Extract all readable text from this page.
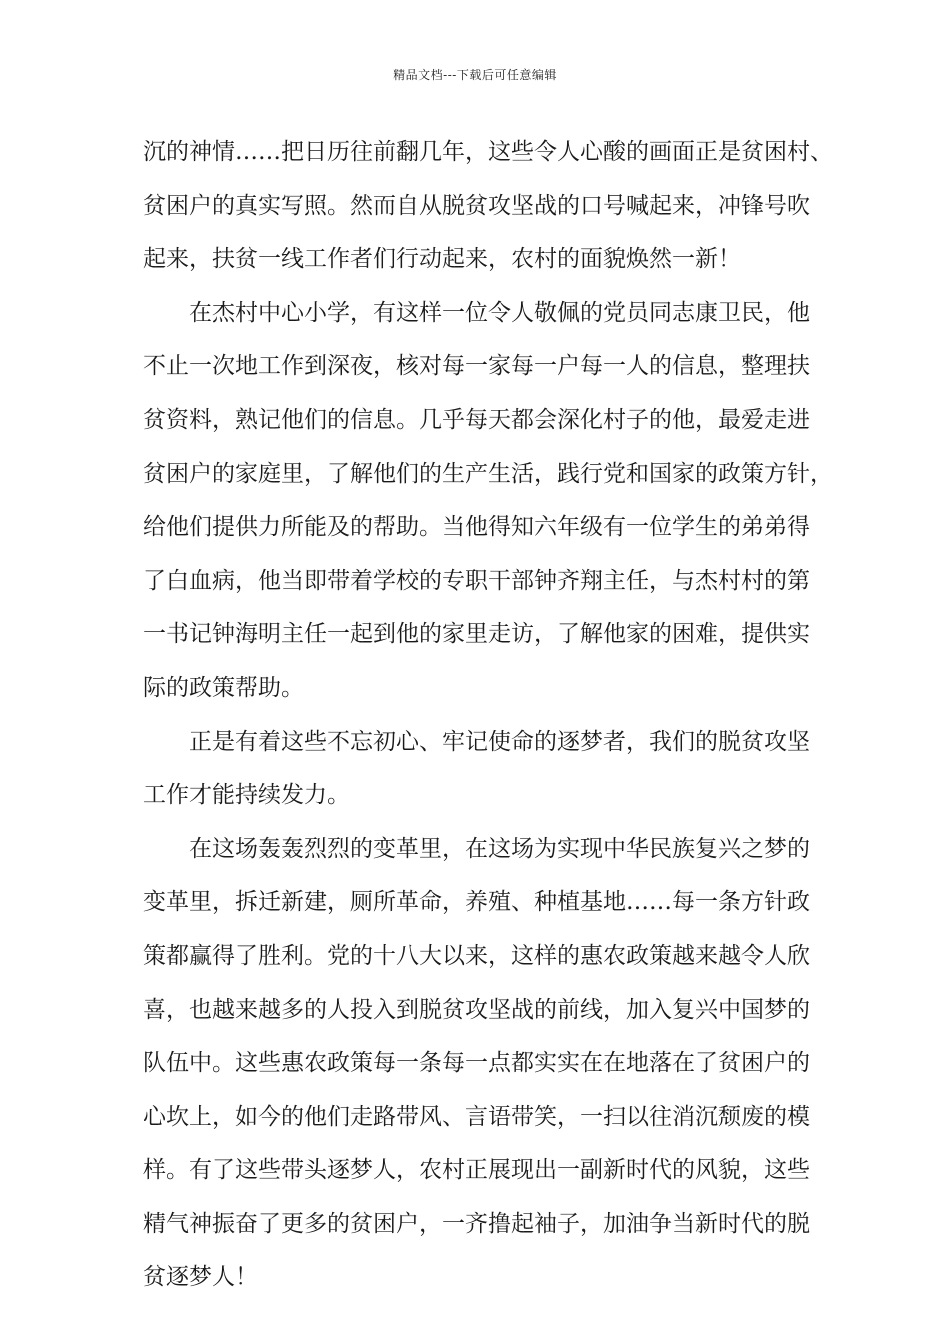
精品文档---下载后可任意编辑
沉的神情……把日历往前翻几年，这些令人心酸的画面正是贫困村、
贫困户的真实写照。然而自从脱贫攻坚战的口号喊起来，冲锋号吹
起来，扶贫一线工作者们行动起来，农村的面貌焕然一新！
在杰村中心小学，有这样一位令人敬佩的党员同志康卫民，他
不止一次地工作到深夜，核对每一家每一户每一人的信息，整理扶
贫资料，熟记他们的信息。几乎每天都会深化村子的他，最爱走进
贫困户的家庭里，了解他们的生产生活，践行党和国家的政策方针，
给他们提供力所能及的帮助。当他得知六年级有一位学生的弟弟得
了白血病，他当即带着学校的专职干部钟齐翔主任，与杰村村的第
一书记钟海明主任一起到他的家里走访，了解他家的困难，提供实
际的政策帮助。
正是有着这些不忘初心、牢记使命的逐梦者，我们的脱贫攻坚
工作才能持续发力。
在这场轰轰烈烈的变革里，在这场为实现中华民族复兴之梦的
变革里，拆迁新建，厕所革命，养殖、种植基地……每一条方针政
策都赢得了胜利。党的十八大以来，这样的惠农政策越来越令人欣
喜，也越来越多的人投入到脱贫攻坚战的前线，加入复兴中国梦的
队伍中。这些惠农政策每一条每一点都实实在在地落在了贫困户的
心坎上，如今的他们走路带风、言语带笑，一扫以往消沉颓废的模
样。有了这些带头逐梦人，农村正展现出一副新时代的风貌，这些
精气神振奋了更多的贫困户，一齐撸起袖子，加油争当新时代的脱
贫逐梦人！
